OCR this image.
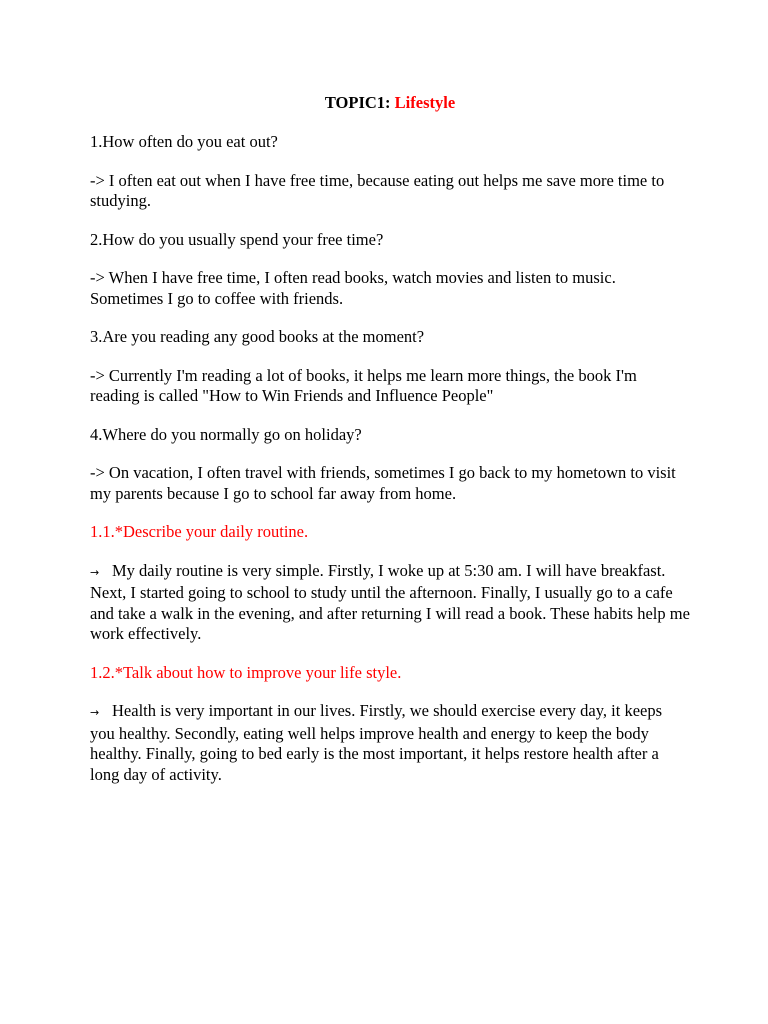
TOPIC1: Lifestyle

1.How often do you eat out?

-> I often eat out when I have free time, because eating out helps me save more time to studying.

2.How do you usually spend your free time?

-> When I have free time, I often read books, watch movies and listen to music. Sometimes I go to coffee with friends.

3.Are you reading any good books at the moment?

-> Currently I'm reading a lot of books, it helps me learn more things, the book I'm reading is called "How to Win Friends and Influence People"

4.Where do you normally go on holiday?

-> On vacation, I often travel with friends, sometimes I go back to my hometown to visit my parents because I go to school far away from home.

1.1.*Describe your daily routine.

→ My daily routine is very simple. Firstly, I woke up at 5:30 am. I will have breakfast. Next, I started going to school to study until the afternoon. Finally, I usually go to a cafe and take a walk in the evening, and after returning I will read a book. These habits help me work effectively.

1.2.*Talk about how to improve your life style.

→ Health is very important in our lives. Firstly, we should exercise every day, it keeps you healthy. Secondly, eating well helps improve health and energy to keep the body healthy. Finally, going to bed early is the most important, it helps restore health after a long day of activity.
